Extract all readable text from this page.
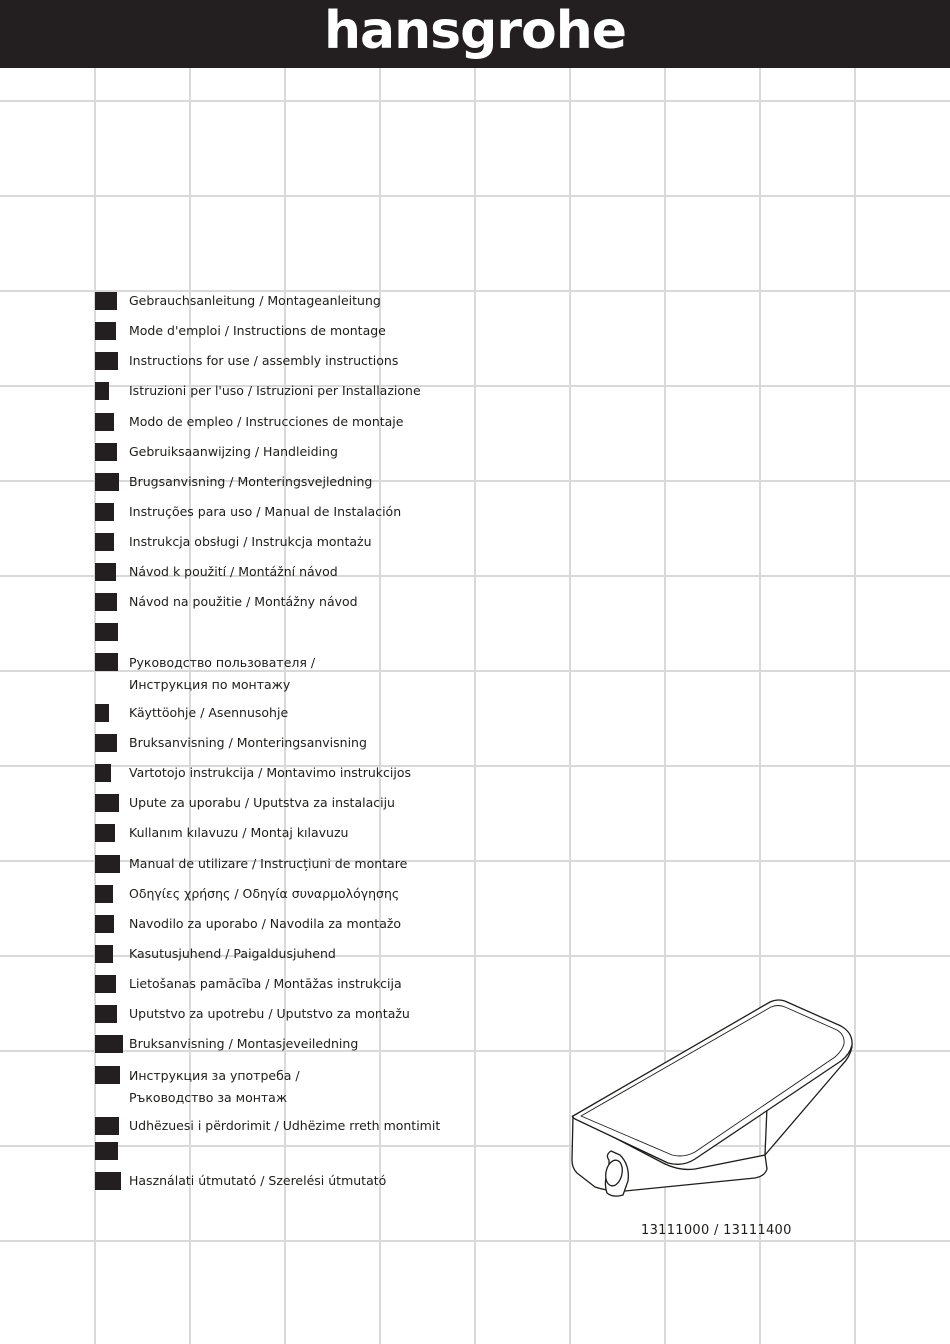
hansgrohe
Gebrauchsanleitung / Montageanleitung
Mode d'emploi / Instructions de montage
Instructions for use / assembly instructions
Istruzioni per l'uso / Istruzioni per Installazione
Modo de empleo / Instrucciones de montaje
Gebruiksaanwijzing / Handleiding
Brugsanvisning / Monteringsvejledning
Instruções para uso / Manual de Instalación
Instrukcja obsługi / Instrukcja montażu
Návod k použití / Montážní návod
Návod na použitie / Montážny návod
Руководство пользователя /
Инструкция по монтажу
Käyttöohje / Asennusohje
Bruksanvisning / Monteringsanvisning
Vartotojo instrukcija / Montavimo instrukcijos
Upute za uporabu / Uputstva za instalaciju
Kullanım kılavuzu / Montaj kılavuzu
Manual de utilizare / Instrucțiuni de montare
Οδηγίες χρήσης / Οδηγία συναρμολόγησης
Navodilo za uporabo / Navodila za montažo
Kasutusjuhend / Paigaldusjuhend
Lietošanas pamācība / Montāžas instrukcija
Uputstvo za upotrebu / Uputstvo za montažu
Bruksanvisning / Montasjeveiledning
Инструкция за употреба /
Ръководство за монтаж
Udhëzuesi i përdorimit / Udhëzime rreth montimit
Használati útmutató / Szerelési útmutató
13111000 / 13111400
